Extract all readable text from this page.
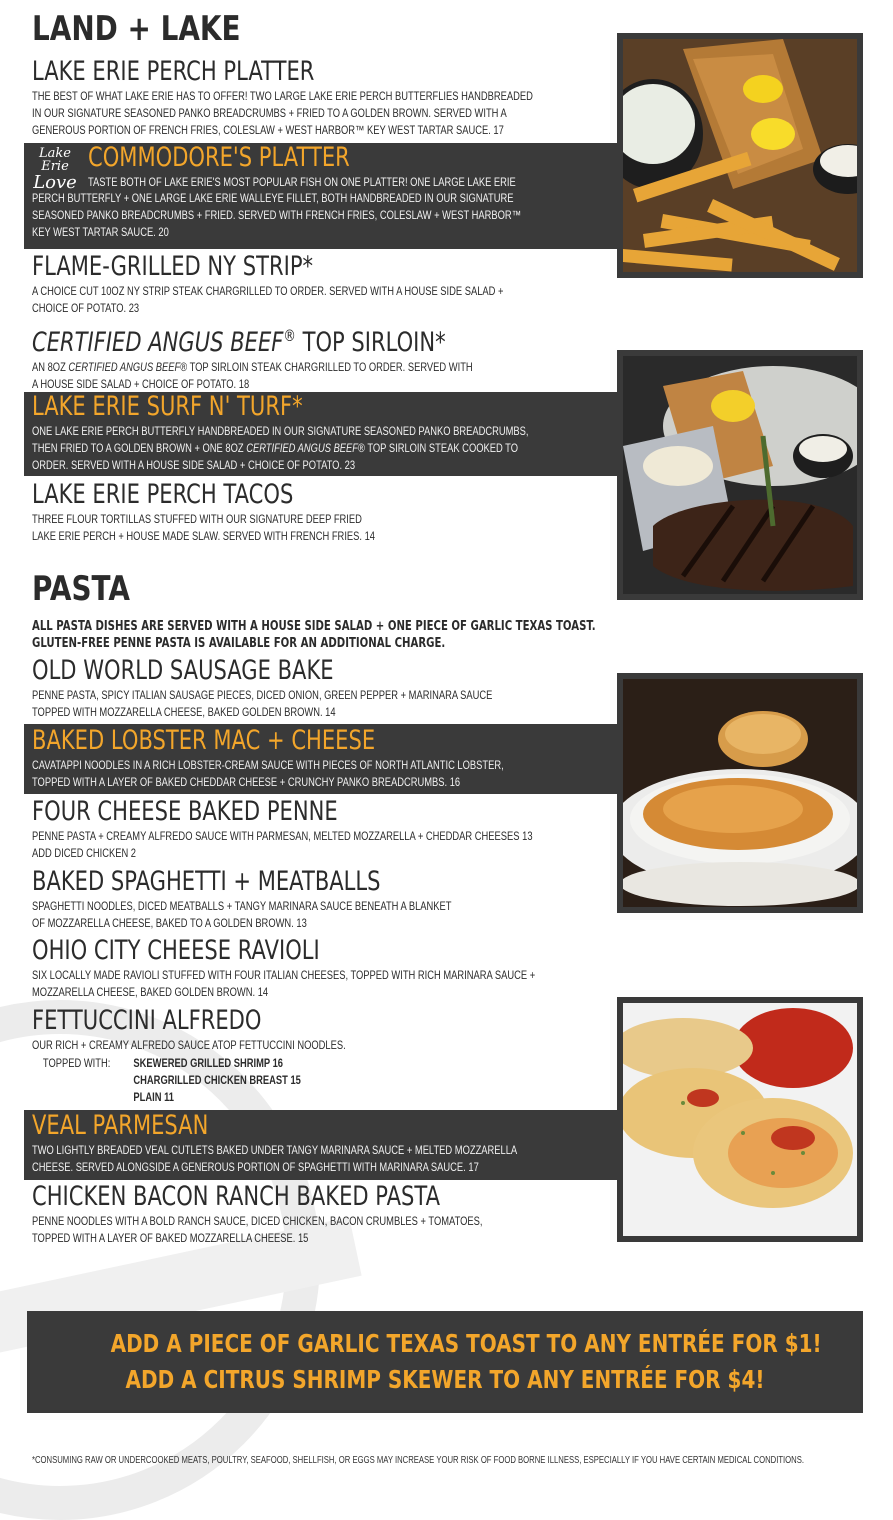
LAND + LAKE
LAKE ERIE PERCH PLATTER
THE BEST OF WHAT LAKE ERIE HAS TO OFFER! TWO LARGE LAKE ERIE PERCH BUTTERFLIES HANDBREADED
IN OUR SIGNATURE SEASONED PANKO BREADCRUMBS + FRIED TO A GOLDEN BROWN. SERVED WITH A
GENEROUS PORTION OF FRENCH FRIES, COLESLAW + WEST HARBOR™ KEY WEST TARTAR SAUCE. 17
Lake Erie
Love
COMMODORE'S PLATTER
TASTE BOTH OF LAKE ERIE'S MOST POPULAR FISH ON ONE PLATTER! ONE LARGE LAKE ERIE
PERCH BUTTERFLY + ONE LARGE LAKE ERIE WALLEYE FILLET, BOTH HANDBREADED IN OUR SIGNATURE
SEASONED PANKO BREADCRUMBS + FRIED. SERVED WITH FRENCH FRIES, COLESLAW + WEST HARBOR™
KEY WEST TARTAR SAUCE. 20
FLAME-GRILLED NY STRIP*
A CHOICE CUT 10OZ NY STRIP STEAK CHARGRILLED TO ORDER. SERVED WITH A HOUSE SIDE SALAD +
CHOICE OF POTATO. 23
CERTIFIED ANGUS BEEF® TOP SIRLOIN*
AN 8OZ CERTIFIED ANGUS BEEF® TOP SIRLOIN STEAK CHARGRILLED TO ORDER. SERVED WITH
A HOUSE SIDE SALAD + CHOICE OF POTATO. 18
LAKE ERIE SURF N' TURF*
ONE LAKE ERIE PERCH BUTTERFLY HANDBREADED IN OUR SIGNATURE SEASONED PANKO BREADCRUMBS,
THEN FRIED TO A GOLDEN BROWN + ONE 8OZ CERTIFIED ANGUS BEEF® TOP SIRLOIN STEAK COOKED TO
ORDER. SERVED WITH A HOUSE SIDE SALAD + CHOICE OF POTATO. 23
LAKE ERIE PERCH TACOS
THREE FLOUR TORTILLAS STUFFED WITH OUR SIGNATURE DEEP FRIED
LAKE ERIE PERCH + HOUSE MADE SLAW. SERVED WITH FRENCH FRIES. 14
PASTA
ALL PASTA DISHES ARE SERVED WITH A HOUSE SIDE SALAD + ONE PIECE OF GARLIC TEXAS TOAST.
GLUTEN-FREE PENNE PASTA IS AVAILABLE FOR AN ADDITIONAL CHARGE.
OLD WORLD SAUSAGE BAKE
PENNE PASTA, SPICY ITALIAN SAUSAGE PIECES, DICED ONION, GREEN PEPPER + MARINARA SAUCE
TOPPED WITH MOZZARELLA CHEESE, BAKED GOLDEN BROWN. 14
BAKED LOBSTER MAC + CHEESE
CAVATAPPI NOODLES IN A RICH LOBSTER-CREAM SAUCE WITH PIECES OF NORTH ATLANTIC LOBSTER,
TOPPED WITH A LAYER OF BAKED CHEDDAR CHEESE + CRUNCHY PANKO BREADCRUMBS. 16
FOUR CHEESE BAKED PENNE
PENNE PASTA + CREAMY ALFREDO SAUCE WITH PARMESAN, MELTED MOZZARELLA + CHEDDAR CHEESES 13
ADD DICED CHICKEN 2
BAKED SPAGHETTI + MEATBALLS
SPAGHETTI NOODLES, DICED MEATBALLS + TANGY MARINARA SAUCE BENEATH A BLANKET
OF MOZZARELLA CHEESE, BAKED TO A GOLDEN BROWN. 13
OHIO CITY CHEESE RAVIOLI
SIX LOCALLY MADE RAVIOLI STUFFED WITH FOUR ITALIAN CHEESES, TOPPED WITH RICH MARINARA SAUCE +
MOZZARELLA CHEESE, BAKED GOLDEN BROWN. 14
FETTUCCINI ALFREDO
OUR RICH + CREAMY ALFREDO SAUCE ATOP FETTUCCINI NOODLES.
TOPPED WITH:	SKEWERED GRILLED SHRIMP 16
CHARGRILLED CHICKEN BREAST 15
PLAIN 11
VEAL PARMESAN
TWO LIGHTLY BREADED VEAL CUTLETS BAKED UNDER TANGY MARINARA SAUCE + MELTED MOZZARELLA
CHEESE. SERVED ALONGSIDE A GENEROUS PORTION OF SPAGHETTI WITH MARINARA SAUCE. 17
CHICKEN BACON RANCH BAKED PASTA
PENNE NOODLES WITH A BOLD RANCH SAUCE, DICED CHICKEN, BACON CRUMBLES + TOMATOES,
TOPPED WITH A LAYER OF BAKED MOZZARELLA CHEESE. 15
ADD A PIECE OF GARLIC TEXAS TOAST TO ANY ENTRÉE FOR $1!
ADD A CITRUS SHRIMP SKEWER TO ANY ENTRÉE FOR $4!
*CONSUMING RAW OR UNDERCOOKED MEATS, POULTRY, SEAFOOD, SHELLFISH, OR EGGS MAY INCREASE YOUR RISK OF FOOD BORNE ILLNESS, ESPECIALLY IF YOU HAVE CERTAIN MEDICAL CONDITIONS.
